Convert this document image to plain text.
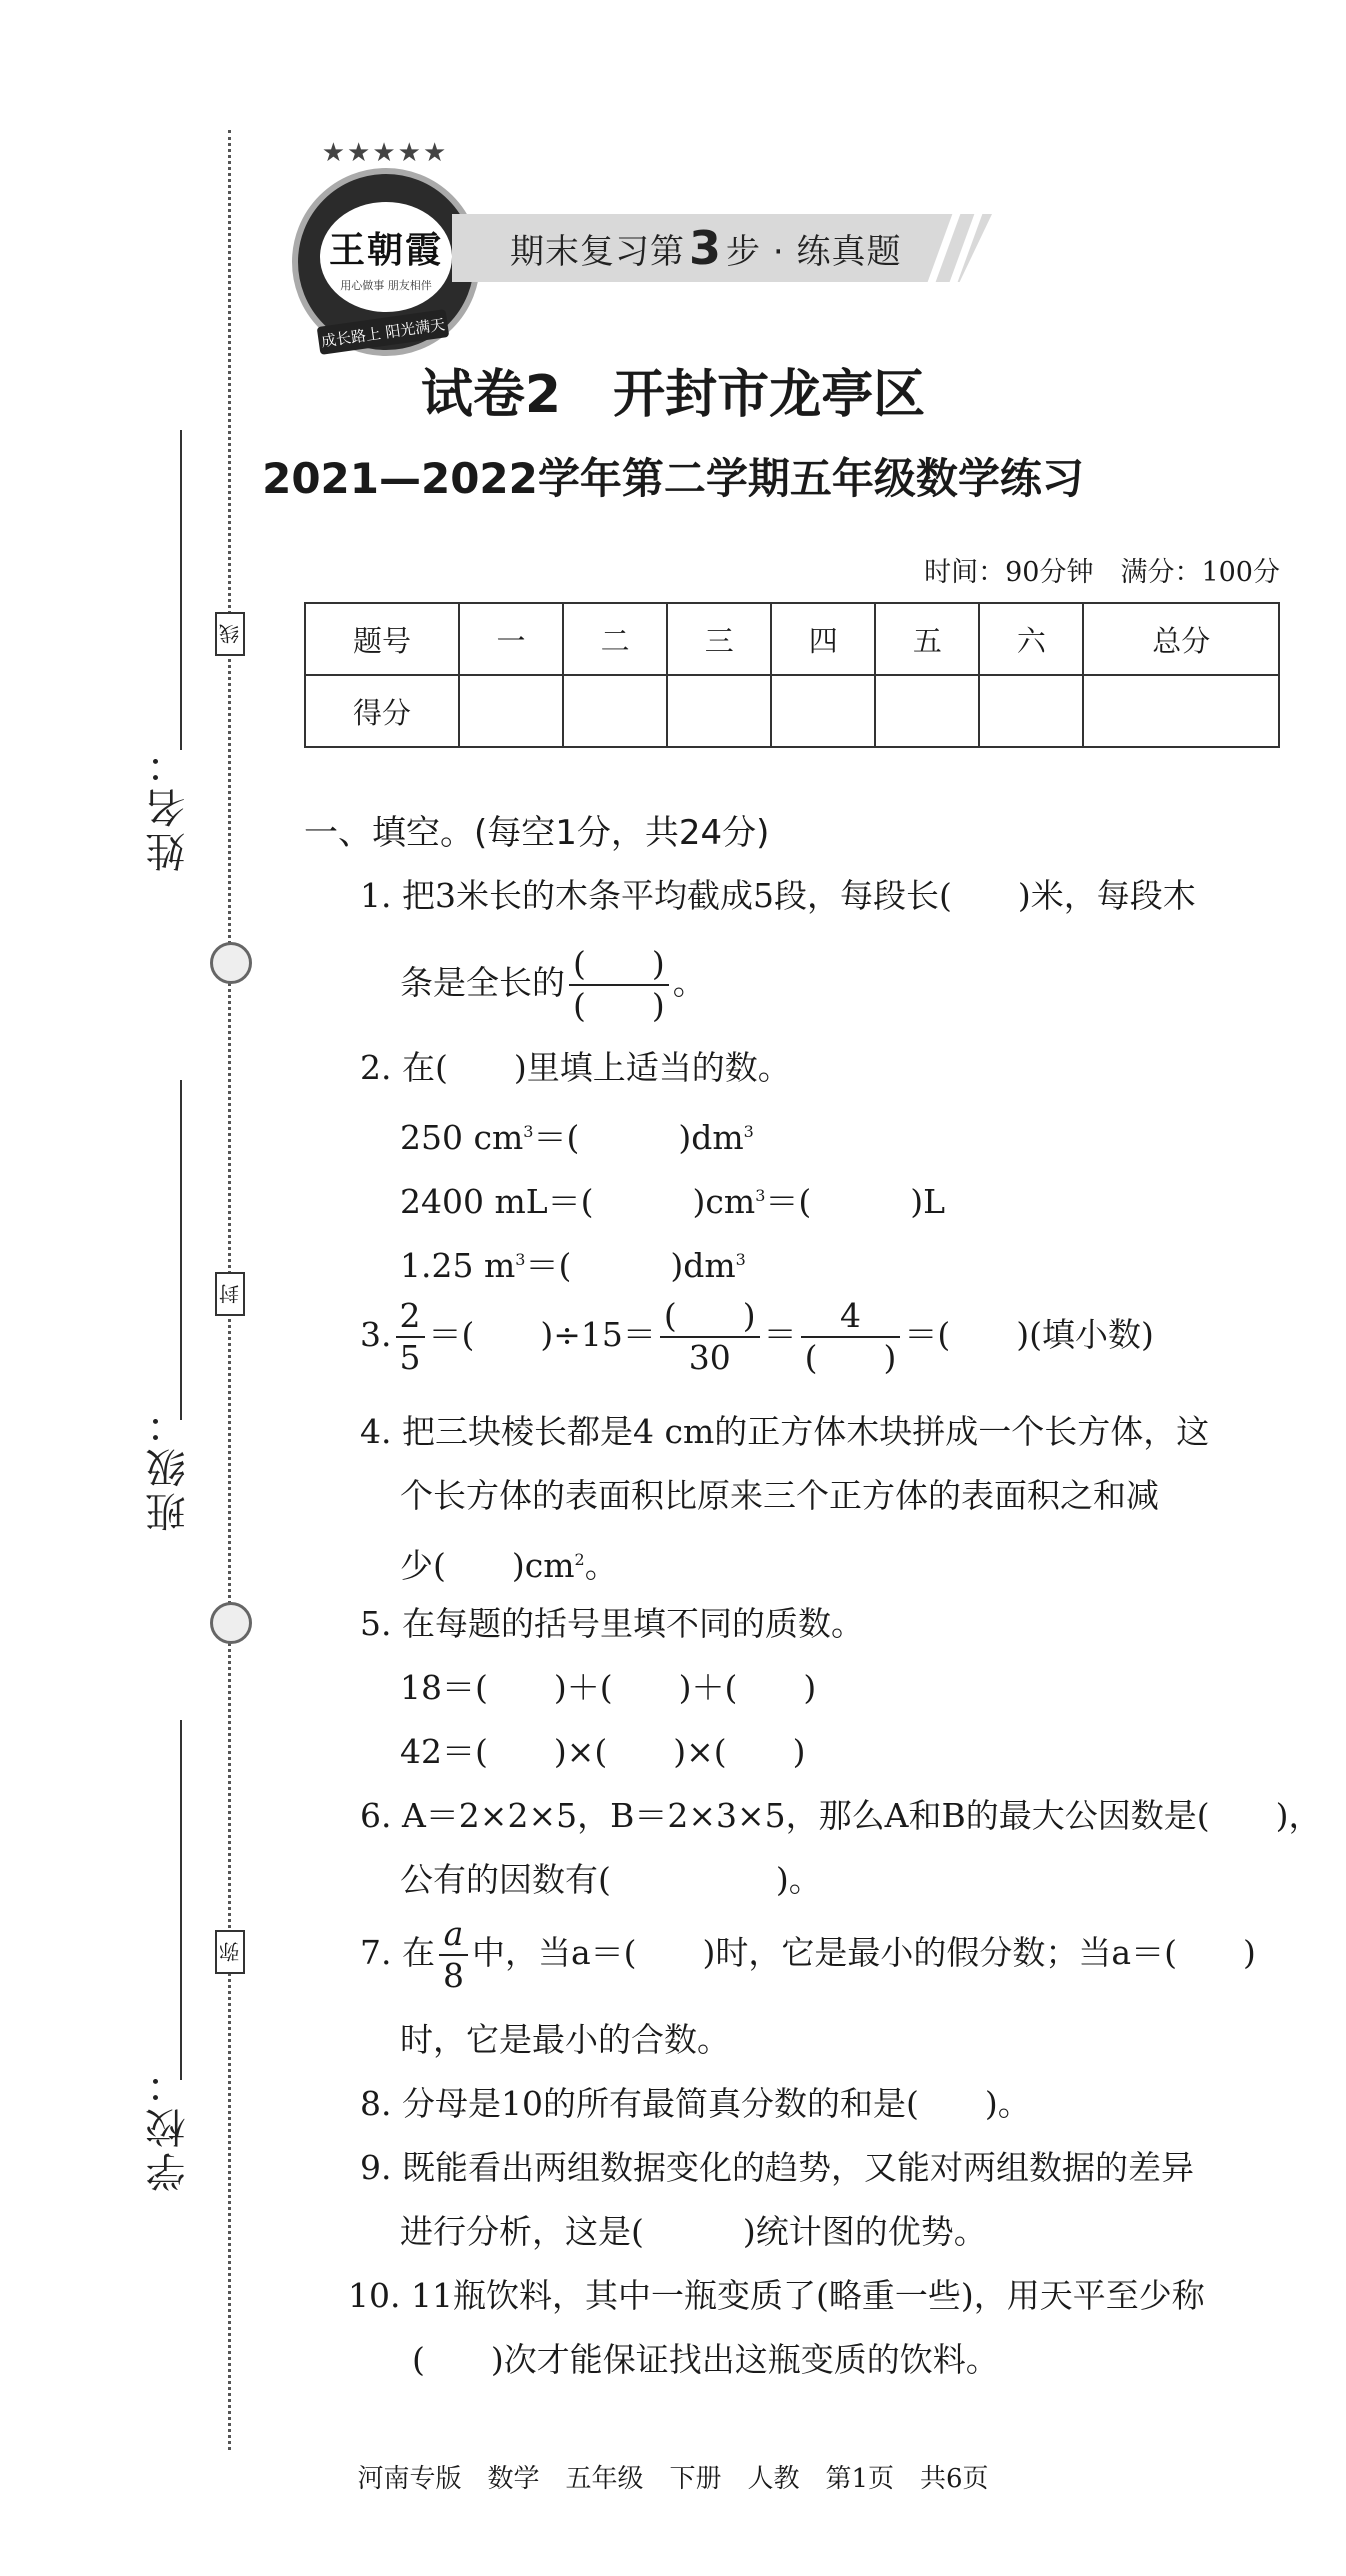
姓名：
线
班级：
封
学校：
弥
★★★★★
王朝霞
用心做事 朋友相伴
成长路上 阳光满天
期末复习第 3 步 · 练真题
试卷2　开封市龙亭区
2021—2022学年第二学期五年级数学练习
时间：90分钟　满分：100分
题号	一	二	三	四	五	六	总分
得分							
一、填空。(每空1分，共24分)
1. 把3米长的木条平均截成5段，每段长(　　)米，每段木
条是全长的 $\frac{( )}{( )}$ 。
2. 在(　　)里填上适当的数。
250 $cm^3=$(　　　)$dm^3$
2400 mL＝(　　　)$cm^3=$(　　　)L
1.25 $m^3=$(　　　)$dm^3$
3. $\frac{2}{5}$ ＝(　　)$\div 15= \frac{( )}{30} = \frac{4}{( )}$ ＝(　　)(填小数)
4. 把三块棱长都是4 cm的正方体木块拼成一个长方体，这
个长方体的表面积比原来三个正方体的表面积之和减
少(　　)$cm^2$。
5. 在每题的括号里填不同的质数。
18＝(　　)＋(　　)＋(　　)
42＝(　　)×(　　)×(　　)
6. A＝2×2×5，B＝2×3×5，那么A和B的最大公因数是(　　)，
公有的因数有(　　　　　)。
7. 在 $\frac{a}{8}$ 中，当a＝(　　)时，它是最小的假分数；当a＝(　　)
时，它是最小的合数。
8. 分母是10的所有最简真分数的和是(　　)。
9. 既能看出两组数据变化的趋势，又能对两组数据的差异
进行分析，这是(　　　)统计图的优势。
10. 11瓶饮料，其中一瓶变质了(略重一些)，用天平至少称
(　　)次才能保证找出这瓶变质的饮料。
河南专版　数学　五年级　下册　人教　第1页　共6页
